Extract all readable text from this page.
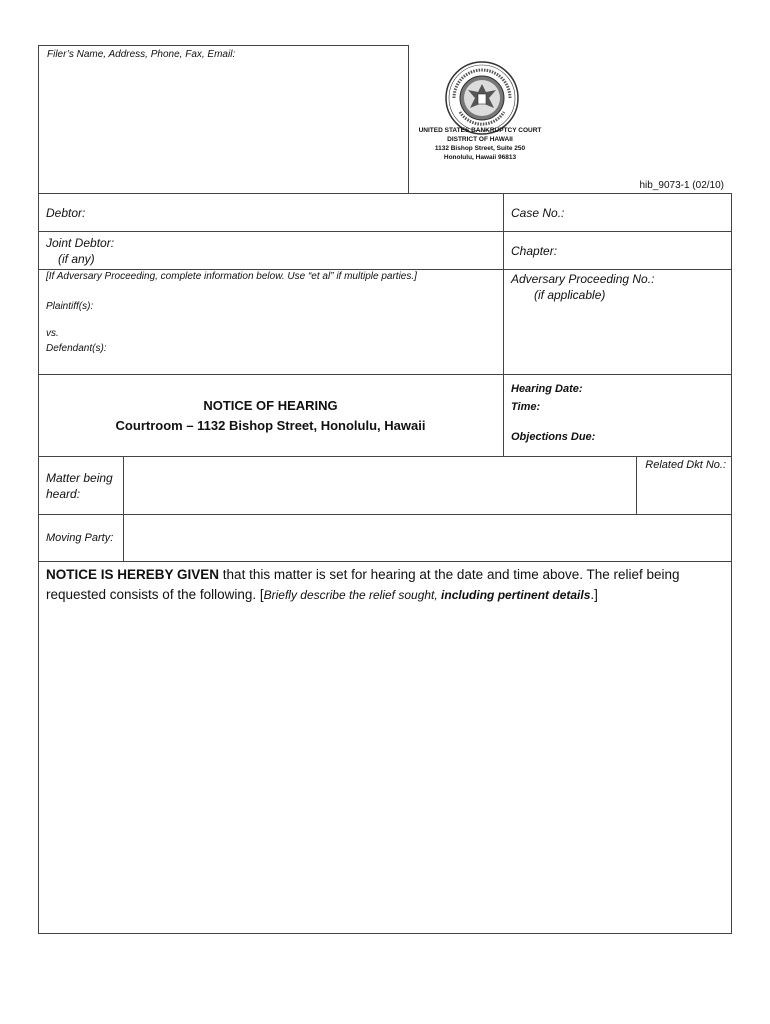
Filer’s Name, Address, Phone, Fax, Email:
UNITED STATES BANKRUPTCY COURT
DISTRICT OF HAWAII
1132 Bishop Street, Suite 250
Honolulu, Hawaii 96813
hib_9073-1 (02/10)
Debtor:	Case No.:
Joint Debtor:
(if any)
Chapter:
[If Adversary Proceeding, complete information below. Use “et al” if multiple parties.]
Plaintiff(s):
vs.
Defendant(s):
Adversary Proceeding No.:
(if applicable)
NOTICE OF HEARING
Courtroom – 1132 Bishop Street, Honolulu, Hawaii
Hearing Date:
Time:
Objections Due:
Matter being
heard:
Related Dkt No.:
Moving Party:
NOTICE IS HEREBY GIVEN that this matter is set for hearing at the date and time above. The relief being
requested consists of the following. [Briefly describe the relief sought, including pertinent details.]
